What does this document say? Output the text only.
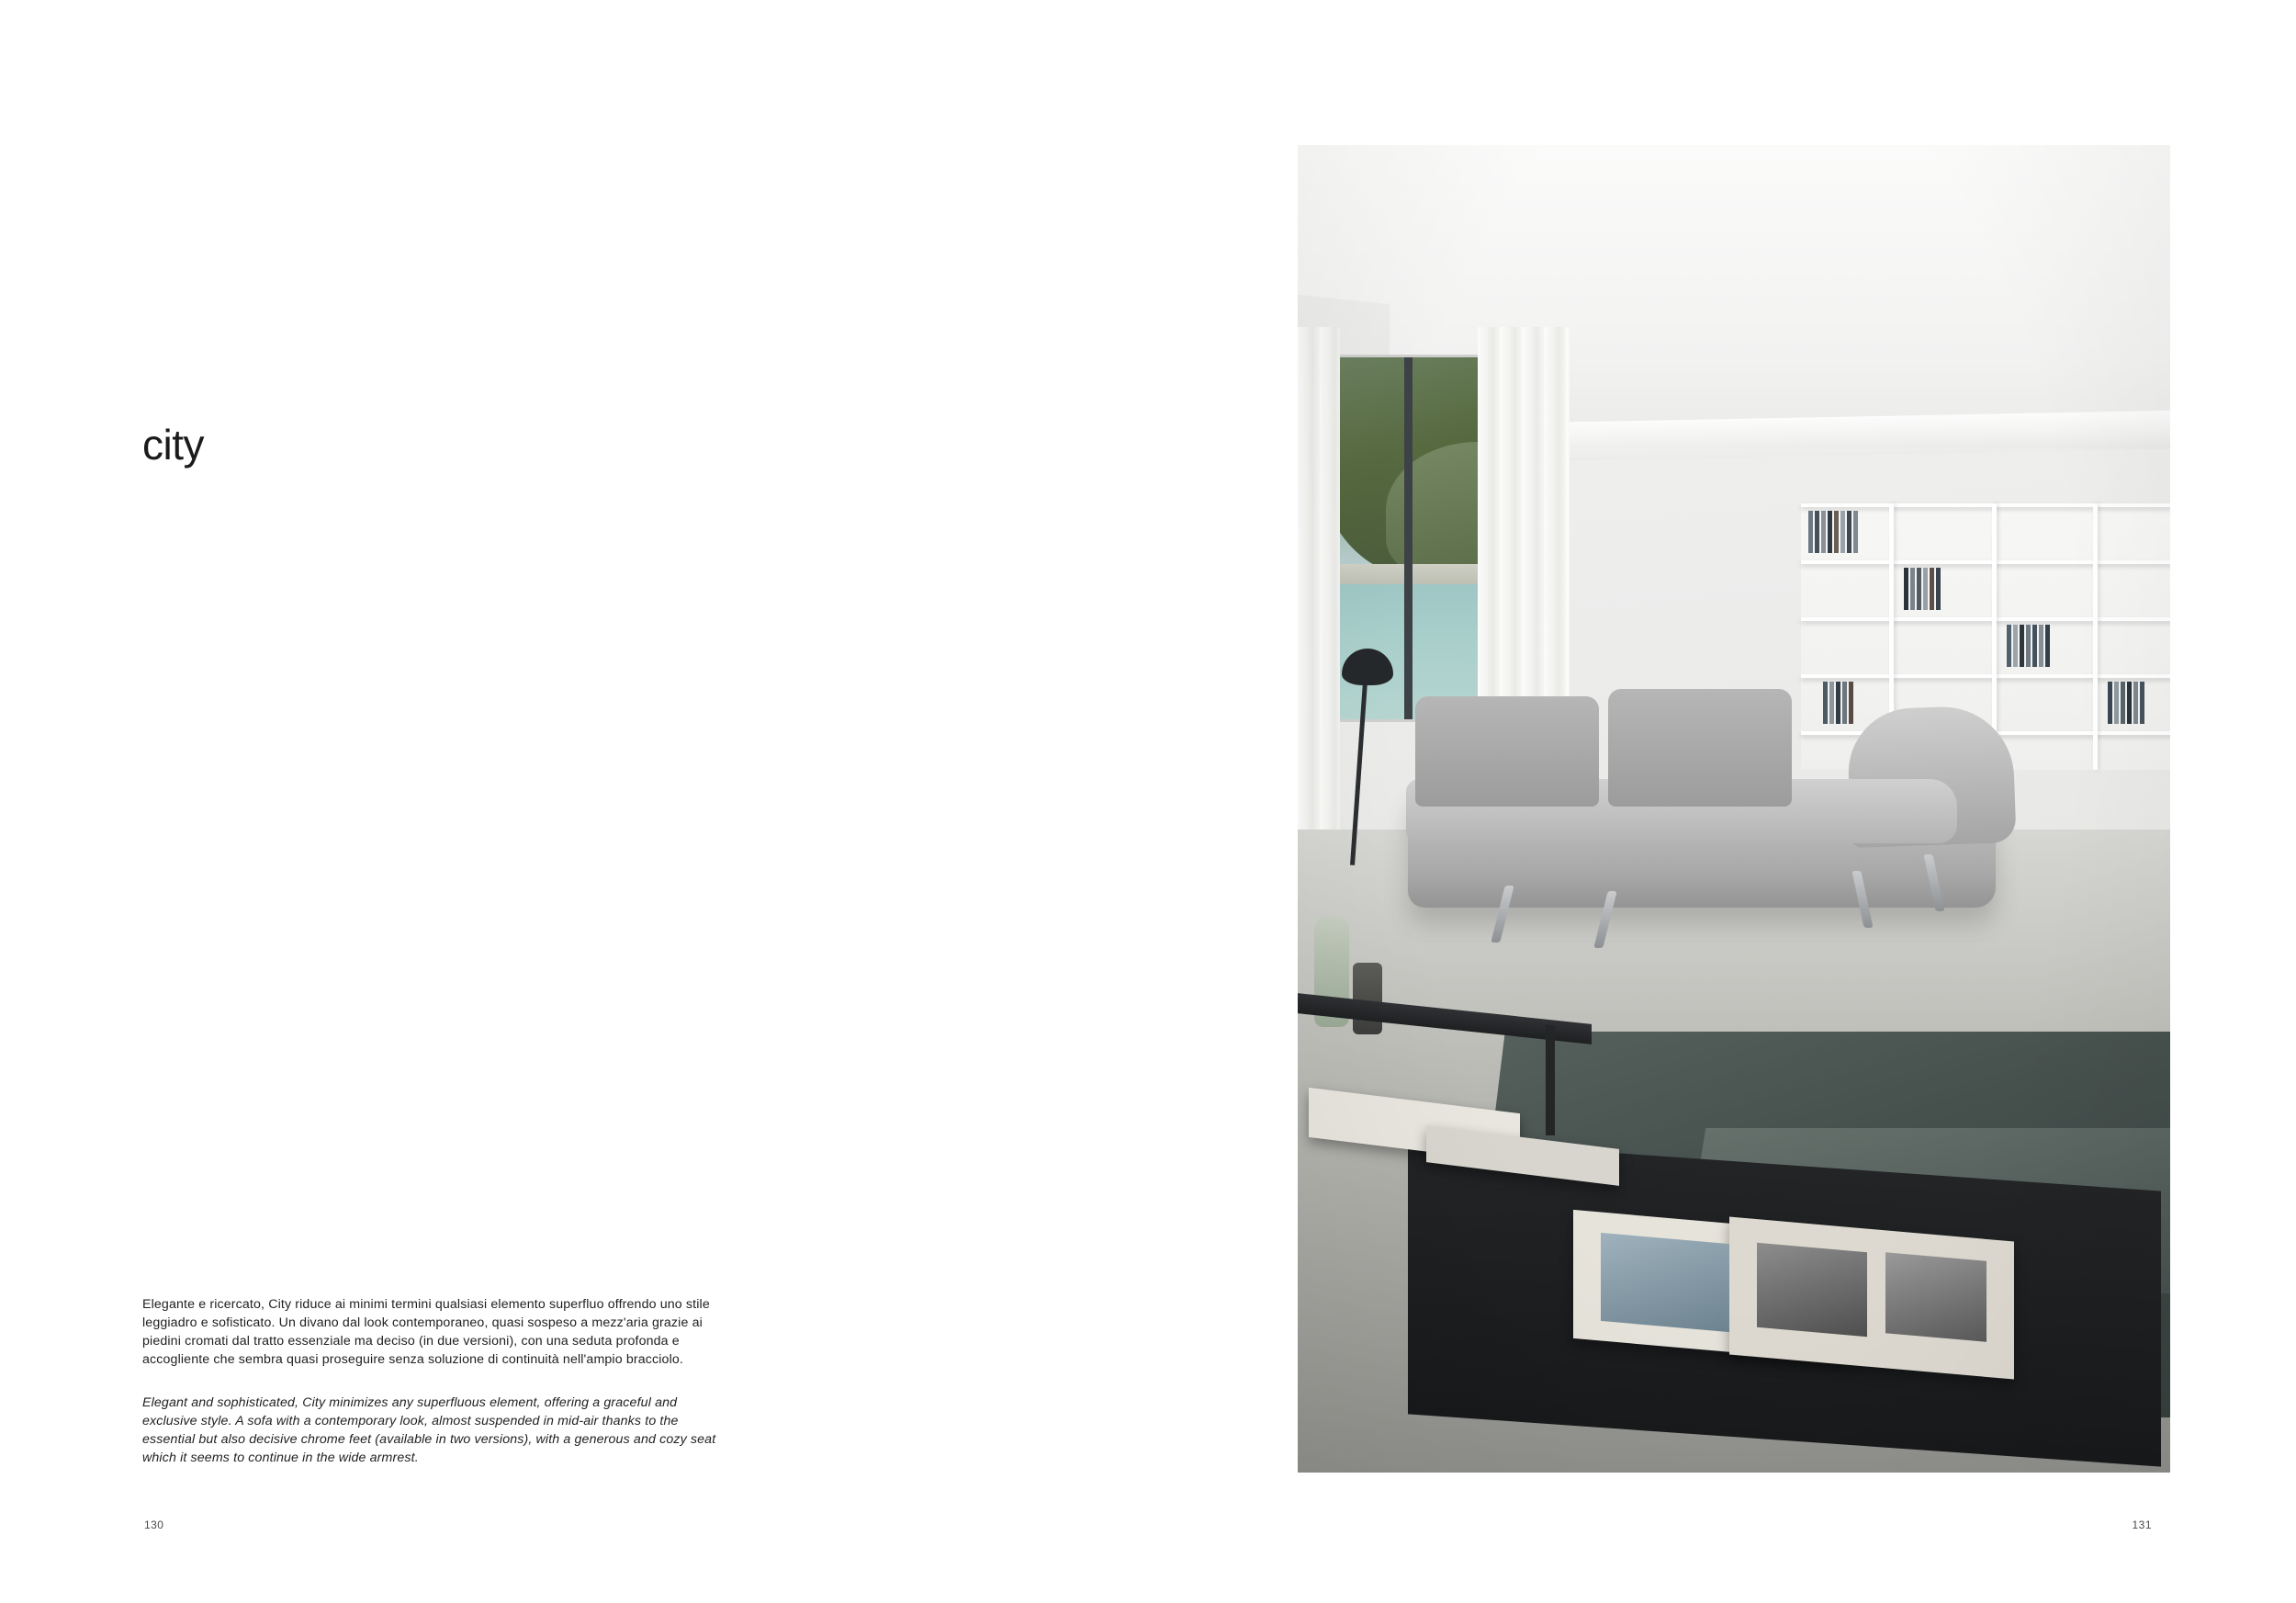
city

Elegante e ricercato, City riduce ai minimi termini qualsiasi elemento superfluo offrendo uno stile leggiadro e sofisticato. Un divano dal look contemporaneo, quasi sospeso a mezz'aria grazie ai piedini cromati dal tratto essenziale ma deciso (in due versioni), con una seduta profonda e accogliente che sembra quasi proseguire senza soluzione di continuità nell'ampio bracciolo.

Elegant and sophisticated, City minimizes any superfluous element, offering a graceful and exclusive style. A sofa with a contemporary look, almost suspended in mid-air thanks to the essential but also decisive chrome feet (available in two versions), with a generous and cozy seat which it seems to continue in the wide armrest.

130	131
